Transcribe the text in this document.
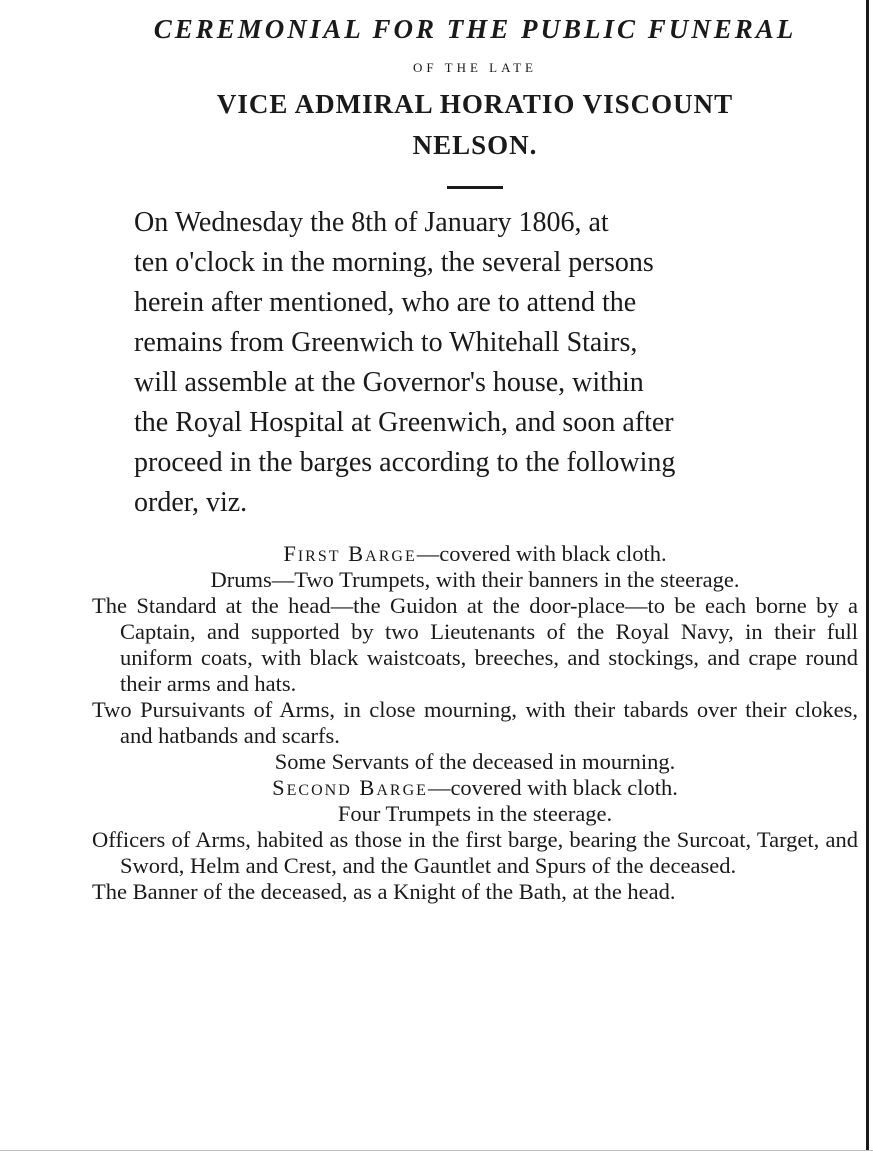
CEREMONIAL FOR THE PUBLIC FUNERAL

OF THE LATE

VICE ADMIRAL HORATIO VISCOUNT
NELSON.

On Wednesday the 8th of January 1806, at
ten o'clock in the morning, the several persons
herein after mentioned, who are to attend the
remains from Greenwich to Whitehall Stairs,
will assemble at the Governor's house, within
the Royal Hospital at Greenwich, and soon after
proceed in the barges according to the following
order, viz.

First Barge—covered with black cloth.

Drums—Two Trumpets, with their banners in the steerage.

The Standard at the head—the Guidon at the door-place—to be each borne by a Captain, and supported by two Lieutenants of the Royal Navy, in their full uniform coats, with black waistcoats, breeches, and stockings, and crape round their arms and hats.

Two Pursuivants of Arms, in close mourning, with their tabards over their clokes, and hatbands and scarfs.

Some Servants of the deceased in mourning.

Second Barge—covered with black cloth.

Four Trumpets in the steerage.

Officers of Arms, habited as those in the first barge, bearing the Surcoat, Target, and Sword, Helm and Crest, and the Gauntlet and Spurs of the deceased.

The Banner of the deceased, as a Knight of the Bath, at the head.
